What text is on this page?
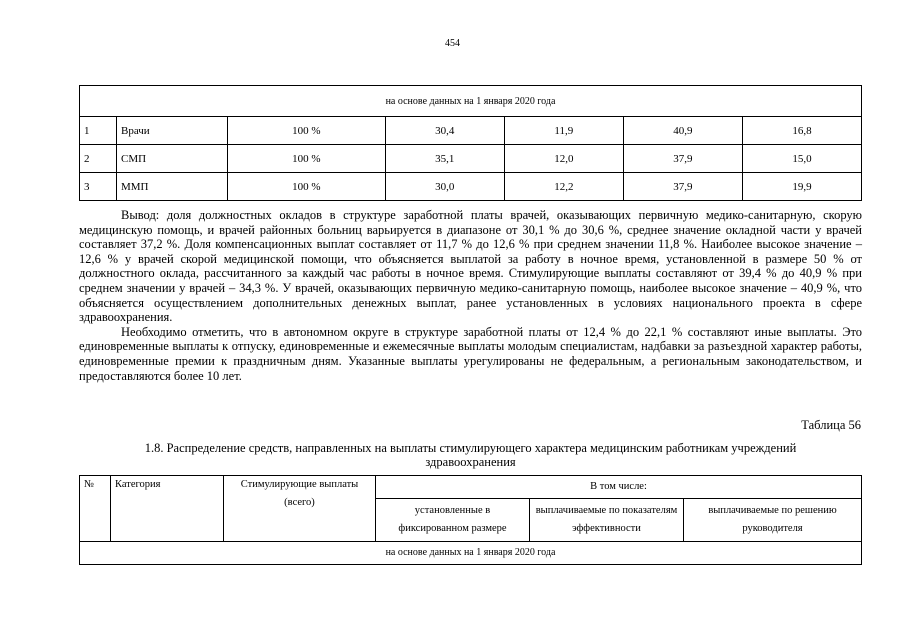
454
на основе данных на 1 января 2020 года						
1	Врачи	100 %	30,4	11,9	40,9	16,8
2	СМП	100 %	35,1	12,0	37,9	15,0
3	ММП	100 %	30,0	12,2	37,9	19,9

Вывод: доля должностных окладов в структуре заработной платы врачей, оказывающих первичную медико-санитарную, скорую медицинскую помощь, и врачей районных больниц варьируется в диапазоне от 30,1 % до 30,6 %, среднее значение окладной части у врачей составляет 37,2 %. Доля компенсационных выплат составляет от 11,7 % до 12,6 % при среднем значении 11,8 %. Наиболее высокое значение – 12,6 % у врачей скорой медицинской помощи, что объясняется выплатой за работу в ночное время, установленной в размере 50 % от должностного оклада, рассчитанного за каждый час работы в ночное время. Стимулирующие выплаты составляют от 39,4 % до 40,9 % при среднем значении у врачей – 34,3 %. У врачей, оказывающих первичную медико-санитарную помощь, наиболее высокое значение – 40,9 %, что объясняется осуществлением дополнительных денежных выплат, ранее установленных в условиях национального проекта в сфере здравоохранения.

Необходимо отметить, что в автономном округе в структуре заработной платы от 12,4 % до 22,1 % составляют иные выплаты. Это единовременные выплаты к отпуску, единовременные и ежемесячные выплаты молодым специалистам, надбавки за разъездной характер работы, единовременные премии к праздничным дням. Указанные выплаты урегулированы не федеральным, а региональным законодательством, и предоставляются более 10 лет.

Таблица 56
1.8. Распределение средств, направленных на выплаты стимулирующего характера медицинским работникам учреждений
здравоохранения
№	Категория	Стимулирующие выплаты (всего)	В том числе:		
			установленные в фиксированном размере	выплачиваемые по показателям эффективности	выплачиваемые по решению руководителя
на основе данных на 1 января 2020 года					
